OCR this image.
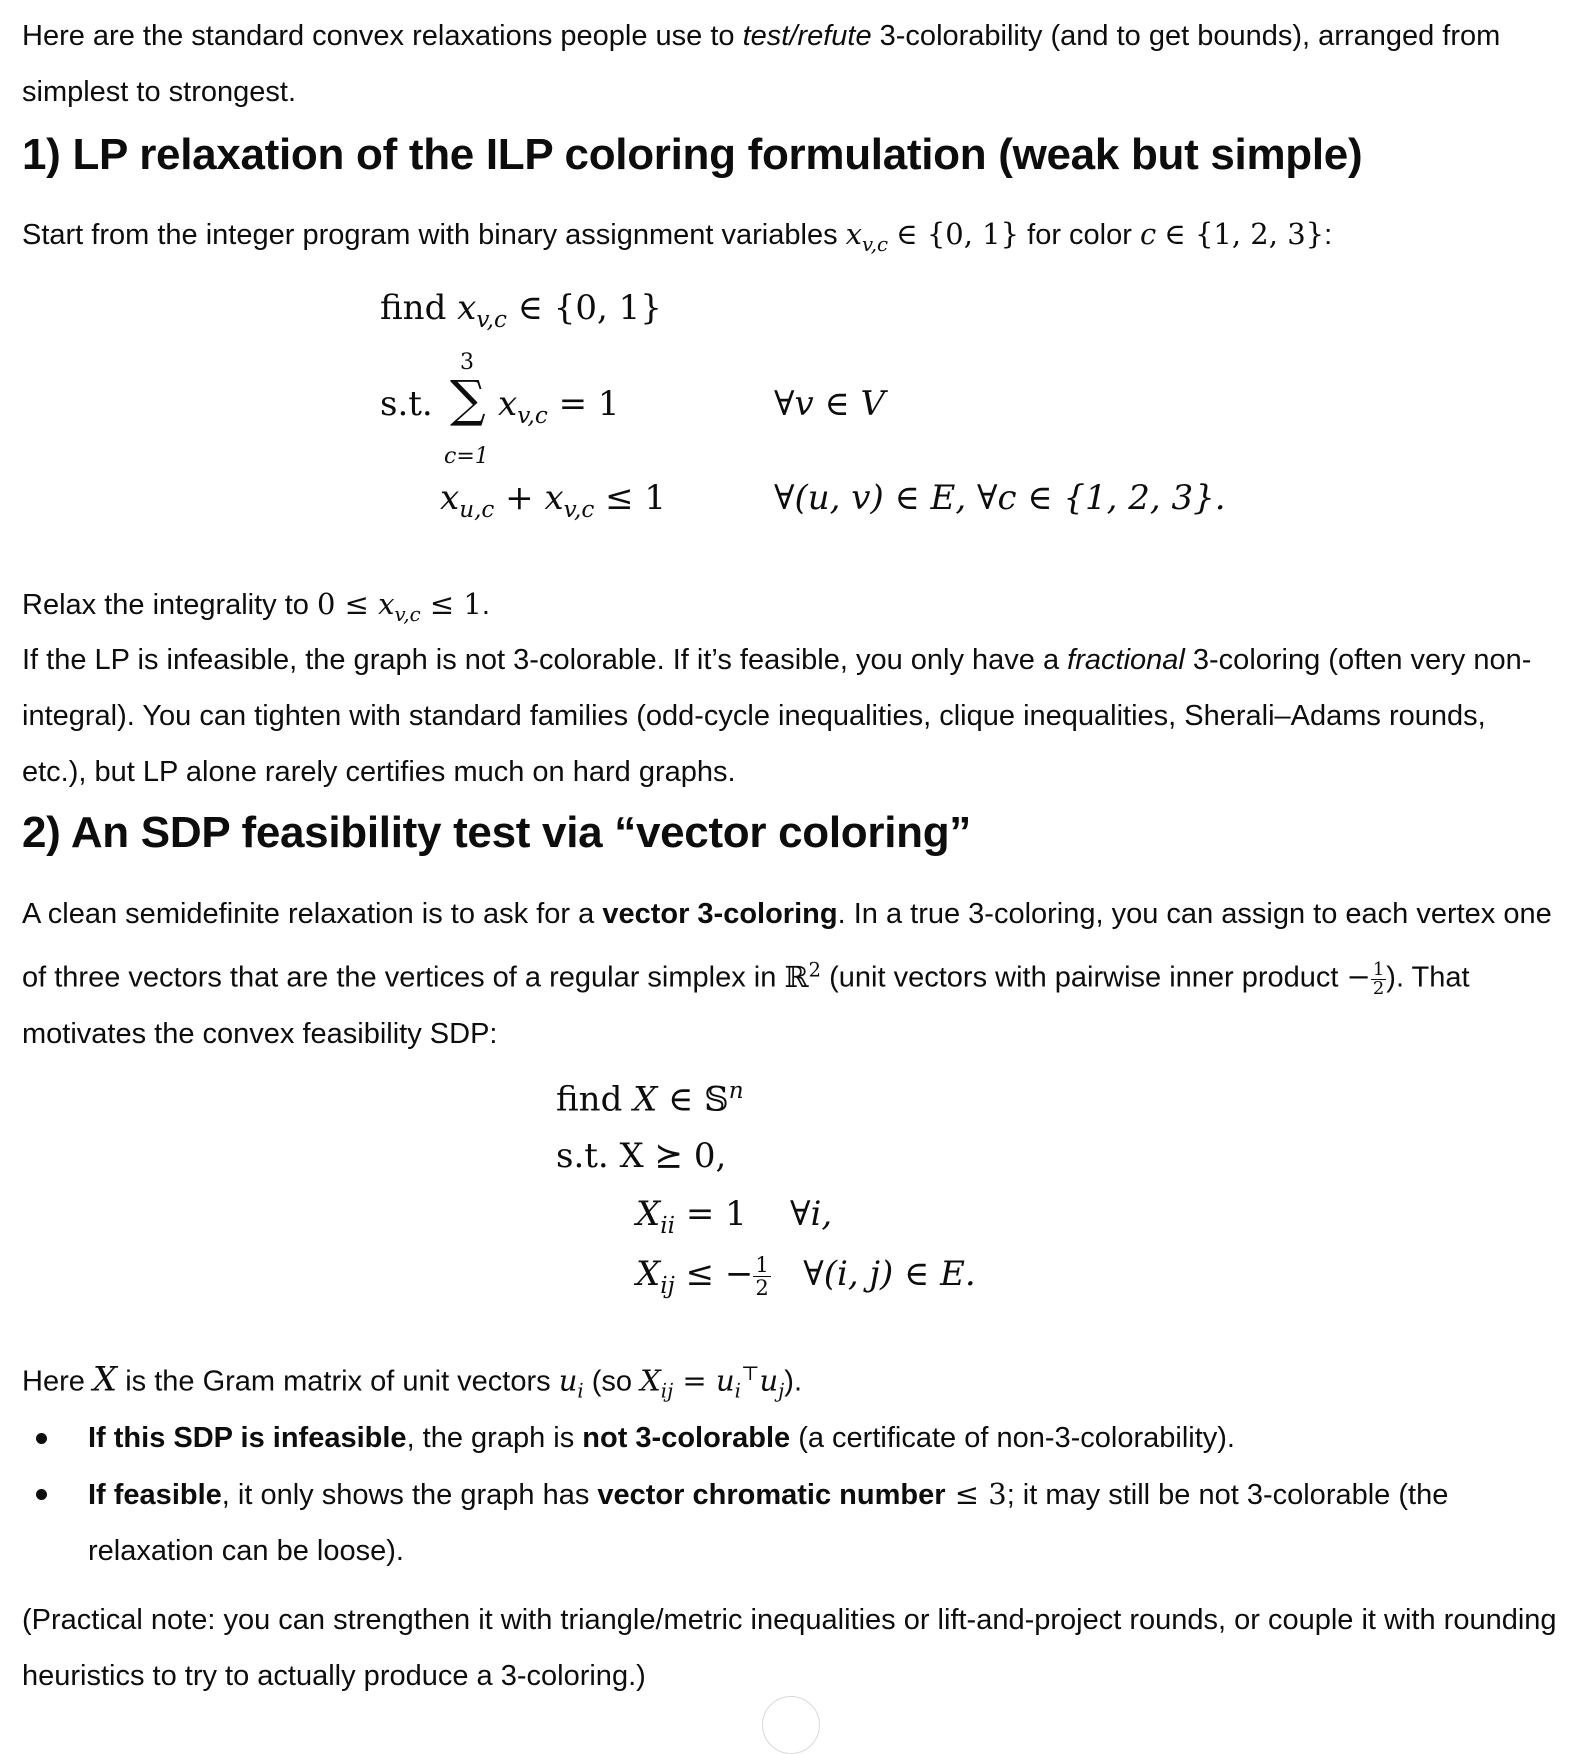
Here are the standard convex relaxations people use to test/refute 3-colorability (and to get bounds), arranged from simplest to strongest.

1) LP relaxation of the ILP coloring formulation (weak but simple)

Start from the integer program with binary assignment variables $x_{v,c}$ ∈ {0, 1} for color c ∈ {1, 2, 3}:

find $x_{v,c}$ ∈ {0, 1}
3
s.t. ∑
c=1
$x_{v,c} = 1$	∀v ∈ V
$x_{u,c} + x_{v,c} \le 1$	∀(u, v) ∈ E, ∀c ∈ {1, 2, 3}.

Relax the integrality to $0 \le x_{v,c} \le 1$.

If the LP is infeasible, the graph is not 3-colorable. If it’s feasible, you only have a fractional 3-coloring (often very non-integral). You can tighten with standard families (odd-cycle inequalities, clique inequalities, Sherali–Adams rounds, etc.), but LP alone rarely certifies much on hard graphs.

2) An SDP feasibility test via “vector coloring”

A clean semidefinite relaxation is to ask for a vector 3-coloring. In a true 3-coloring, you can assign to each vertex one of three vectors that are the vertices of a regular simplex in ℝ$^2$ (unit vectors with pairwise inner product − $\frac{1}{2}$ ). That motivates the convex feasibility SDP:

find X ∈ 𝕊$^n$
s.t. X ⪰ 0,
$X_{ii} = 1$    ∀i,
$X_{ij}$ ≤ − $\frac{1}{2}$ ∀(i, j) ∈ E.

Here X is the Gram matrix of unit vectors $u_i$ (so $X_{ij} = u_i^⊤u_j$).

If this SDP is infeasible, the graph is not 3-colorable (a certificate of non-3-colorability).
If feasible, it only shows the graph has vector chromatic number ≤ 3; it may still be not 3-colorable (the relaxation can be loose).

(Practical note: you can strengthen it with triangle/metric inequalities or lift-and-project rounds, or couple it with rounding heuristics to try to actually produce a 3-coloring.)
